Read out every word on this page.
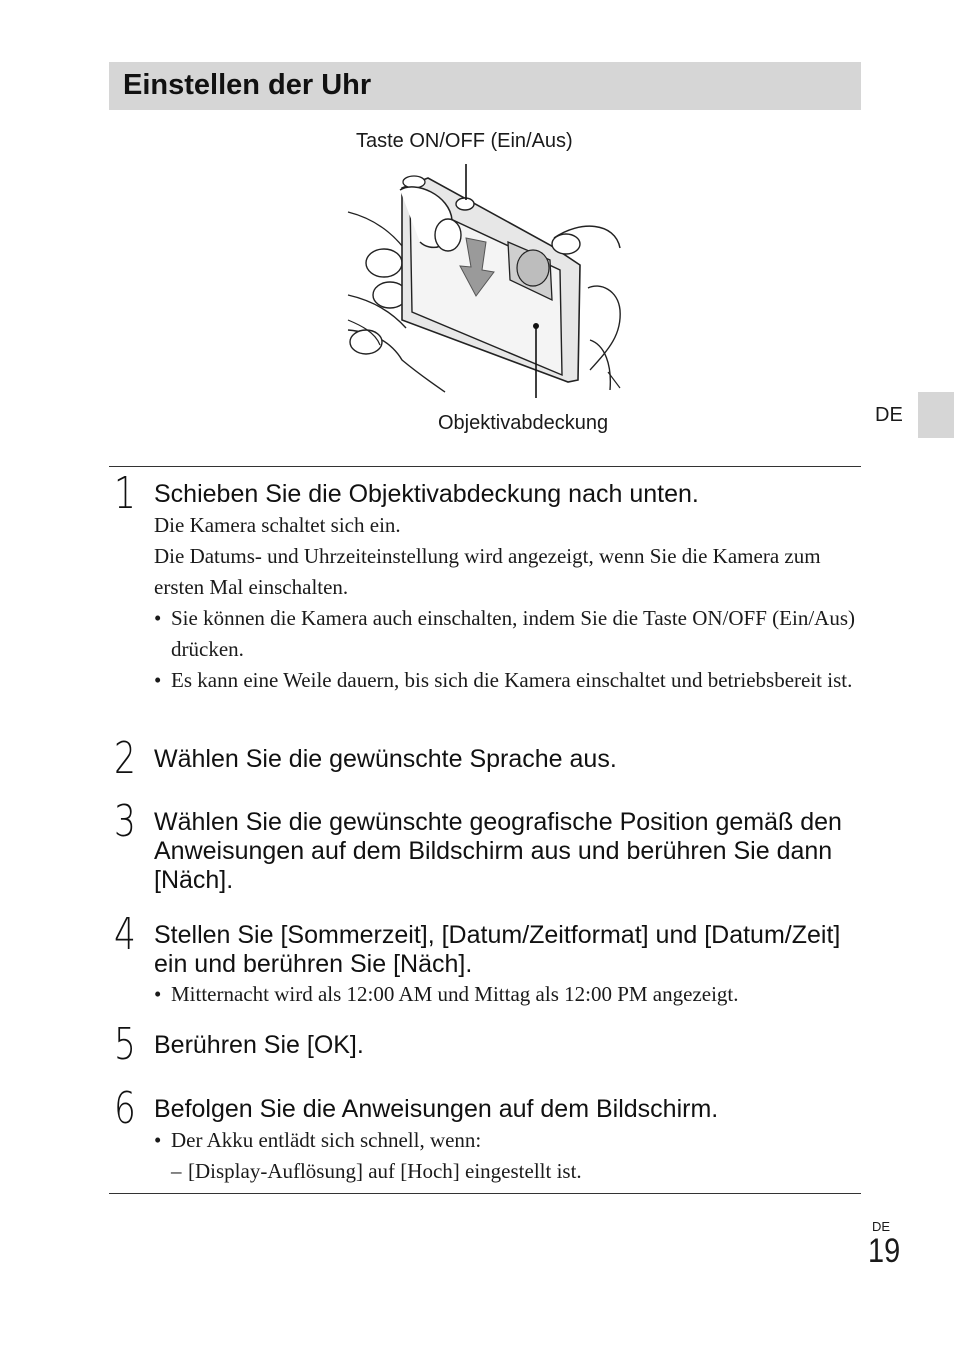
Einstellen der Uhr
Taste ON/OFF (Ein/Aus)
Objektivabdeckung	DE
1 Schieben Sie die Objektivabdeckung nach unten.
Die Kamera schaltet sich ein.
Die Datums- und Uhrzeiteinstellung wird angezeigt, wenn Sie die Kamera zum ersten Mal einschalten.
• Sie können die Kamera auch einschalten, indem Sie die Taste ON/OFF (Ein/Aus) drücken.
• Es kann eine Weile dauern, bis sich die Kamera einschaltet und betriebsbereit ist.
2 Wählen Sie die gewünschte Sprache aus.
3 Wählen Sie die gewünschte geografische Position gemäß den Anweisungen auf dem Bildschirm aus und berühren Sie dann [Näch].
4 Stellen Sie [Sommerzeit], [Datum/Zeitformat] und [Datum/Zeit] ein und berühren Sie [Näch].
• Mitternacht wird als 12:00 AM und Mittag als 12:00 PM angezeigt.
5 Berühren Sie [OK].
6 Befolgen Sie die Anweisungen auf dem Bildschirm.
• Der Akku entlädt sich schnell, wenn:
– [Display-Auflösung] auf [Hoch] eingestellt ist.
DE
19
